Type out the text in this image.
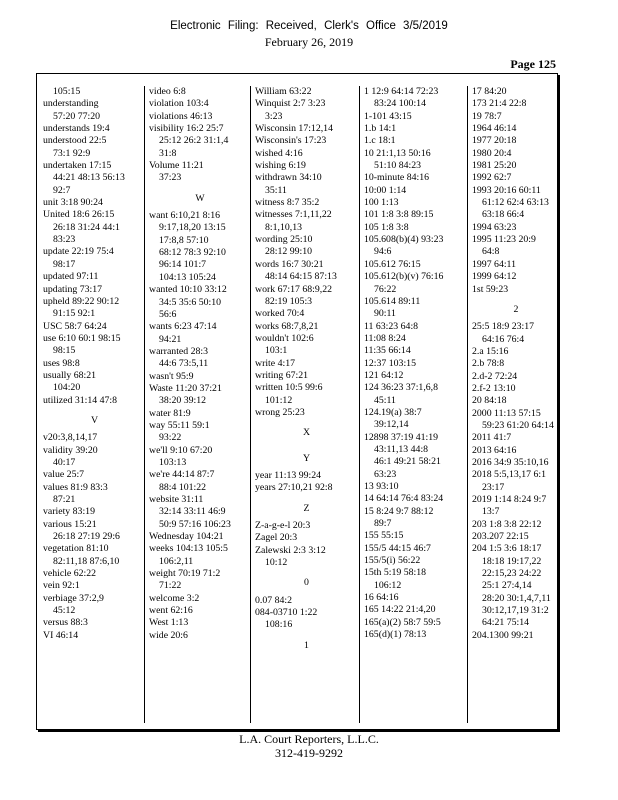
Electronic Filing: Received, Clerk's Office 3/5/2019
February 26, 2019
Page 125
105:15
understanding
57:20 77:20
understands 19:4
understood 22:5
73:1 92:9
undertaken 17:15
44:21 48:13 56:13
92:7
unit 3:18 90:24
United 18:6 26:15
26:18 31:24 44:1
83:23
update 22:19 75:4
98:17
updated 97:11
updating 73:17
upheld 89:22 90:12
91:15 92:1
USC 58:7 64:24
use 6:10 60:1 98:15
98:15
uses 98:8
usually 68:21
104:20
utilized 31:14 47:8
V
v20:3,8,14,17
validity 39:20
40:17
value 25:7
values 81:9 83:3
87:21
variety 83:19
various 15:21
26:18 27:19 29:6
vegetation 81:10
82:11,18 87:6,10
vehicle 62:22
vein 92:1
verbiage 37:2,9
45:12
versus 88:3
VI 46:14
video 6:8
violation 103:4
violations 46:13
visibility 16:2 25:7
25:12 26:2 31:1,4
31:8
Volume 11:21
37:23
W
want 6:10,21 8:16
9:17,18,20 13:15
17:8,8 57:10
68:12 78:3 92:10
96:14 101:7
104:13 105:24
wanted 10:10 33:12
34:5 35:6 50:10
56:6
wants 6:23 47:14
94:21
warranted 28:3
44:6 73:5,11
wasn't 95:9
Waste 11:20 37:21
38:20 39:12
water 81:9
way 55:11 59:1
93:22
we'll 9:10 67:20
103:13
we're 44:14 87:7
88:4 101:22
website 31:11
32:14 33:11 46:9
50:9 57:16 106:23
Wednesday 104:21
weeks 104:13 105:5
106:2,11
weight 70:19 71:2
71:22
welcome 3:2
went 62:16
West 1:13
wide 20:6
William 63:22
Winquist 2:7 3:23
3:23
Wisconsin 17:12,14
Wisconsin's 17:23
wished 4:16
wishing 6:19
withdrawn 34:10
35:11
witness 8:7 35:2
witnesses 7:1,11,22
8:1,10,13
wording 25:10
28:12 99:10
words 16:7 30:21
48:14 64:15 87:13
work 67:17 68:9,22
82:19 105:3
worked 70:4
works 68:7,8,21
wouldn't 102:6
103:1
write 4:17
writing 67:21
written 10:5 99:6
101:12
wrong 25:23
X
Y
year 11:13 99:24
years 27:10,21 92:8
Z
Z-a-g-e-l 20:3
Zagel 20:3
Zalewski 2:3 3:12
10:12
0
0.07 84:2
084-03710 1:22
108:16
1
1 12:9 64:14 72:23
83:24 100:14
1-101 43:15
1.b 14:1
1.c 18:1
10 21:1,13 50:16
51:10 84:23
10-minute 84:16
10:00 1:14
100 1:13
101 1:8 3:8 89:15
105 1:8 3:8
105.608(b)(4) 93:23
94:6
105.612 76:15
105.612(b)(v) 76:16
76:22
105.614 89:11
90:11
11 63:23 64:8
11:08 8:24
11:35 66:14
12:37 103:15
121 64:12
124 36:23 37:1,6,8
45:11
124.19(a) 38:7
39:12,14
12898 37:19 41:19
43:11,13 44:8
46:1 49:21 58:21
63:23
13 93:10
14 64:14 76:4 83:24
15 8:24 9:7 88:12
89:7
155 55:15
155/5 44:15 46:7
155/5(i) 56:22
15th 5:19 58:18
106:12
16 64:16
165 14:22 21:4,20
165(a)(2) 58:7 59:5
165(d)(1) 78:13
17 84:20
173 21:4 22:8
19 78:7
1964 46:14
1977 20:18
1980 20:4
1981 25:20
1992 62:7
1993 20:16 60:11
61:12 62:4 63:13
63:18 66:4
1994 63:23
1995 11:23 20:9
64:8
1997 64:11
1999 64:12
1st 59:23
2
25:5 18:9 23:17
64:16 76:4
2.a 15:16
2.b 78:8
2.d-2 72:24
2.f-2 13:10
20 84:18
2000 11:13 57:15
59:23 61:20 64:14
2011 41:7
2013 64:16
2016 34:9 35:10,16
2018 5:5,13,17 6:1
23:17
2019 1:14 8:24 9:7
13:7
203 1:8 3:8 22:12
203.207 22:15
204 1:5 3:6 18:17
18:18 19:17,22
22:15,23 24:22
25:1 27:4,14
28:20 30:1,4,7,11
30:12,17,19 31:2
64:21 75:14
204.1300 99:21
L.A. Court Reporters, L.L.C.
312-419-9292
